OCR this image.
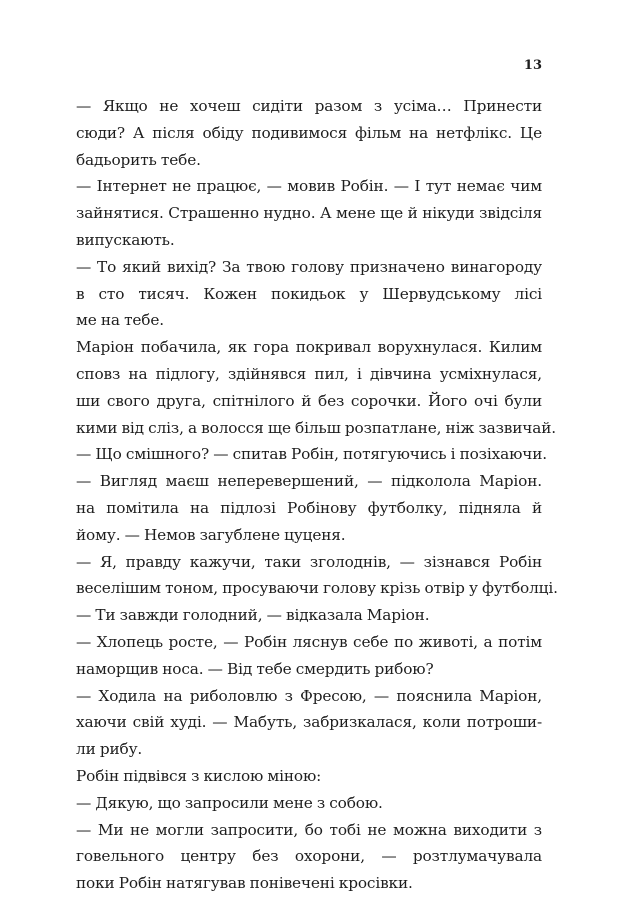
13
— Якщо не хочеш сидіти разом з усіма… Принести
сюди? А після обіду подивимося фільм на нетфлікс. Це
бадьорить тебе.
— Інтернет не працює, — мовив Робін. — І тут немає чим
зайнятися. Страшенно нудно. А мене ще й нікуди звідсіля
випускають.
— То який вихід? За твою голову призначено винагороду
в сто тисяч. Кожен покидьок у Шервудському лісі
ме на тебе.
Маріон побачила, як гора покривал ворухнулася. Килим
сповз на підлогу, здійнявся пил, і дівчина усміхнулася,
ши свого друга, спітнілого й без сорочки. Його очі були
кими від сліз, а волосся ще більш розпатлане, ніж зазвичай.
— Що смішного? — спитав Робін, потягуючись і позіхаючи.
— Вигляд маєш неперевершений, — підколола Маріон.
на помітила на підлозі Робінову футболку, підняла й
йому. — Немов загублене цуценя.
— Я, правду кажучи, таки зголоднів, — зізнався Робін
веселішим тоном, просуваючи голову крізь отвір у футболці.
— Ти завжди голодний, — відказала Маріон.
— Хлопець росте, — Робін ляснув себе по животі, а потім
наморщив носа. — Від тебе смердить рибою?
— Ходила на риболовлю з Фресою, — пояснила Маріон,
хаючи свій худі. — Мабуть, забризкалася, коли потроши-
ли рибу.
Робін підвівся з кислою міною:
— Дякую, що запросили мене з собою.
— Ми не могли запросити, бо тобі не можна виходити з
говельного центру без охорони, — розтлумачувала
поки Робін натягував понівечені кросівки.
